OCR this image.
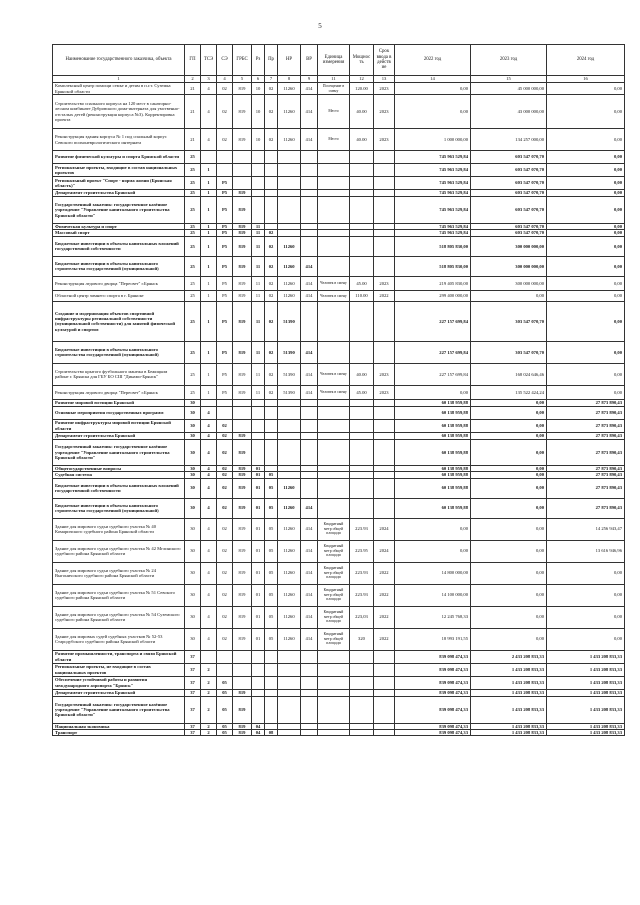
5
Наименование государственного заказчика, объекта	ГП	ТСЭ	СЭ	ГРБС	Рз	Пр	НР	ВР	Единица измерения	Мощность	Срок ввода в действие	2022 год	2023 год	2024 год
1	2	3	4	5	6	7	8	9	11	12	13	14	15	16
Комплексный центр помощи семье и детям в п.г.т. Суземка Брянской области	21	4	02	819	10	02	11260	414	Посещение в смену	120.00	2023	0,00	45 000 000,00	0,00
Строительство спального корпуса на 120 мест в санаторно-лесном комбинате Дубровского дома-интерната для умственно-отсталых детей (реконструкция корпуса №3). Корректировка проекта	21	4	02	819	10	02	11260	414	Место	40.00	2023	0,00	43 000 000,00	0,00
Реконструкция здания корпуса № 1 под спальный корпус Севского психоневрологического интерната	21	4	02	819	10	02	11260	414	Место	40.00	2023	1 000 000,00	134 257 000,00	0,00
Развитие физической культуры и спорта Брянской области	25											745 963 529,84	603 547 070,70	0,00
Региональные проекты, входящие в состав национальных проектов	25	1										745 963 529,84	603 547 070,70	0,00
Региональный проект "Спорт - норма жизни (Брянская область)"	25	1	P5									745 963 529,84	603 547 070,70	0,00
Департамент строительства Брянской	25	1	P5	819								745 963 529,84	603 547 070,70	0,00
Государственный заказчик: государственное казённое учреждение "Управление капитального строительства Брянской области"	25	1	P5	819								745 963 529,84	603 547 070,70	0,00
Физическая культура и спорт	25	1	P5	819	11							745 963 529,84	603 547 070,70	0,00
Массовый спорт	25	1	P5	819	11	02						745 963 529,84	603 547 070,70	0,00
Бюджетные инвестиции в объекты капитальных вложений государственной собственности	25	1	P5	819	11	02	11260					518 805 830,00	300 000 000,00	0,00
Бюджетные инвестиции в объекты капитального строительства государственной (муниципальной)	25	1	P5	819	11	02	11260	414				518 805 830,00	300 000 000,00	0,00
Реконструкция ледового дворца "Пересвет" г.Брянск	25	1	P5	819	11	02	11260	414	Человек в смену	45.00	2023	219 405 830,00	300 000 000,00	0,00
Областной центр зимнего спорта в г. Брянске	25	1	P5	819	11	02	11260	414	Человек в смену	110.00	2022	299 400 000,00	0,00	0,00
Создание и модернизация объектов спортивной инфраструктуры региональной собственности (муниципальной собственности) для занятий физической культурой и спортом	25	1	P5	819	11	02	51390					227 157 699,84	303 547 070,70	0,00
Бюджетные инвестиции в объекты капитального строительства государственной (муниципальной)	25	1	P5	819	11	02	51390	414				227 157 699,84	303 547 070,70	0,00
Строительство крытого футбольного манежа в Бежицком районе г. Брянска для ГБУ БО СШ "Динамо-Брянск"	25	1	P5	819	11	02	51390	414	Человек в смену	40.00	2023	227 157 699,84	168 024 646,46	0,00
Реконструкция ледового дворца "Пересвет" г.Брянск	25	1	P5	819	11	02	51390	414	Человек в смену	45.00	2023	0,00	135 522 424,24	0,00
Развитие мировой юстиции Брянской	30											60 138 959,88	0,00	27 873 890,43
Основные мероприятия государственных программ	30	4										60 138 959,88	0,00	27 873 890,43
Развитие инфраструктуры мировой юстиции Брянской области	30	4	02									60 138 959,88	0,00	27 873 890,43
Департамент строительства Брянской	30	4	02	819								60 138 959,88	0,00	27 873 890,43
Государственный заказчик: государственное казённое учреждение "Управление капитального строительства Брянской области"	30	4	02	819								60 138 959,88	0,00	27 873 890,43
Общегосударственные вопросы	30	4	02	819	01							60 138 959,88	0,00	27 873 890,43
Судебная система	30	4	02	819	01	05						60 138 959,88	0,00	27 873 890,43
Бюджетные инвестиции в объекты капитальных вложений государственной собственности	30	4	02	819	01	05	11260					60 138 959,88	0,00	27 873 890,43
Бюджетные инвестиции в объекты капитального строительства государственной (муниципальной)	30	4	02	819	01	05	11260	414				60 138 959,88	0,00	27 873 890,43
Здание для мирового судьи судебного участка № 40 Комаричского судебного района Брянской области	30	4	02	819	01	05	11260	414	Квадратный метр общей площади	223.93	2024	0,00	0,00	14 256 943,47
Здание для мирового судьи судебного участка № 42 Мглинского судебного района Брянской области	30	4	02	819	01	05	11260	414	Квадратный метр общей площади	223.95	2024	0,00	0,00	13 616 946,96
Здание для мирового судьи судебного участка № 24 Выгоничского судебного района Брянской области	30	4	02	819	01	05	11260	414	Квадратный метр общей площади	223.93	2022	14 800 000,00	0,00	0,00
Здание для мирового судьи судебного участка № 51 Севского судебного района Брянской области	30	4	02	819	01	05	11260	414	Квадратный метр общей площади	223.93	2022	14 100 000,00	0,00	0,00
Здание для мирового судьи судебного участка № 54 Суземского судебного района Брянской области	30	4	02	819	01	05	11260	414	Квадратный метр общей площади	223,03	2022	12 245 768,33	0,00	0,00
Здание для мировых судей судебных участков № 52-53 Стародубского судебного района Брянской области	30	4	02	819	01	05	11260	414	Квадратный метр общей площади	320	2022	18 993 191,55	0,00	0,00
Развитие промышленности, транспорта и связи Брянской области	37											839 098 474,33	2 433 208 833,33	1 433 208 833,33
Региональные проекты, не входящие в состав национальных проектов	37	2										839 098 474,33	1 433 208 833,33	1 433 208 833,33
Обеспечение устойчивой работы и развития международного аэропорта "Брянск"	37	2	05									839 098 474,33	1 433 208 833,33	1 433 208 833,33
Департамент строительства Брянской	37	2	05	819								839 098 474,33	1 433 208 833,33	1 433 208 833,33
Государственный заказчик: государственное казённое учреждение "Управление капитального строительства Брянской области"	37	2	05	819								839 098 474,33	1 433 208 833,33	1 433 208 833,33
Национальная экономика	37	2	05	819	04							839 098 474,33	1 433 208 833,33	1 433 208 833,33
Транспорт	37	2	05	819	04	08						839 098 474,33	1 433 208 833,33	1 433 208 833,33
